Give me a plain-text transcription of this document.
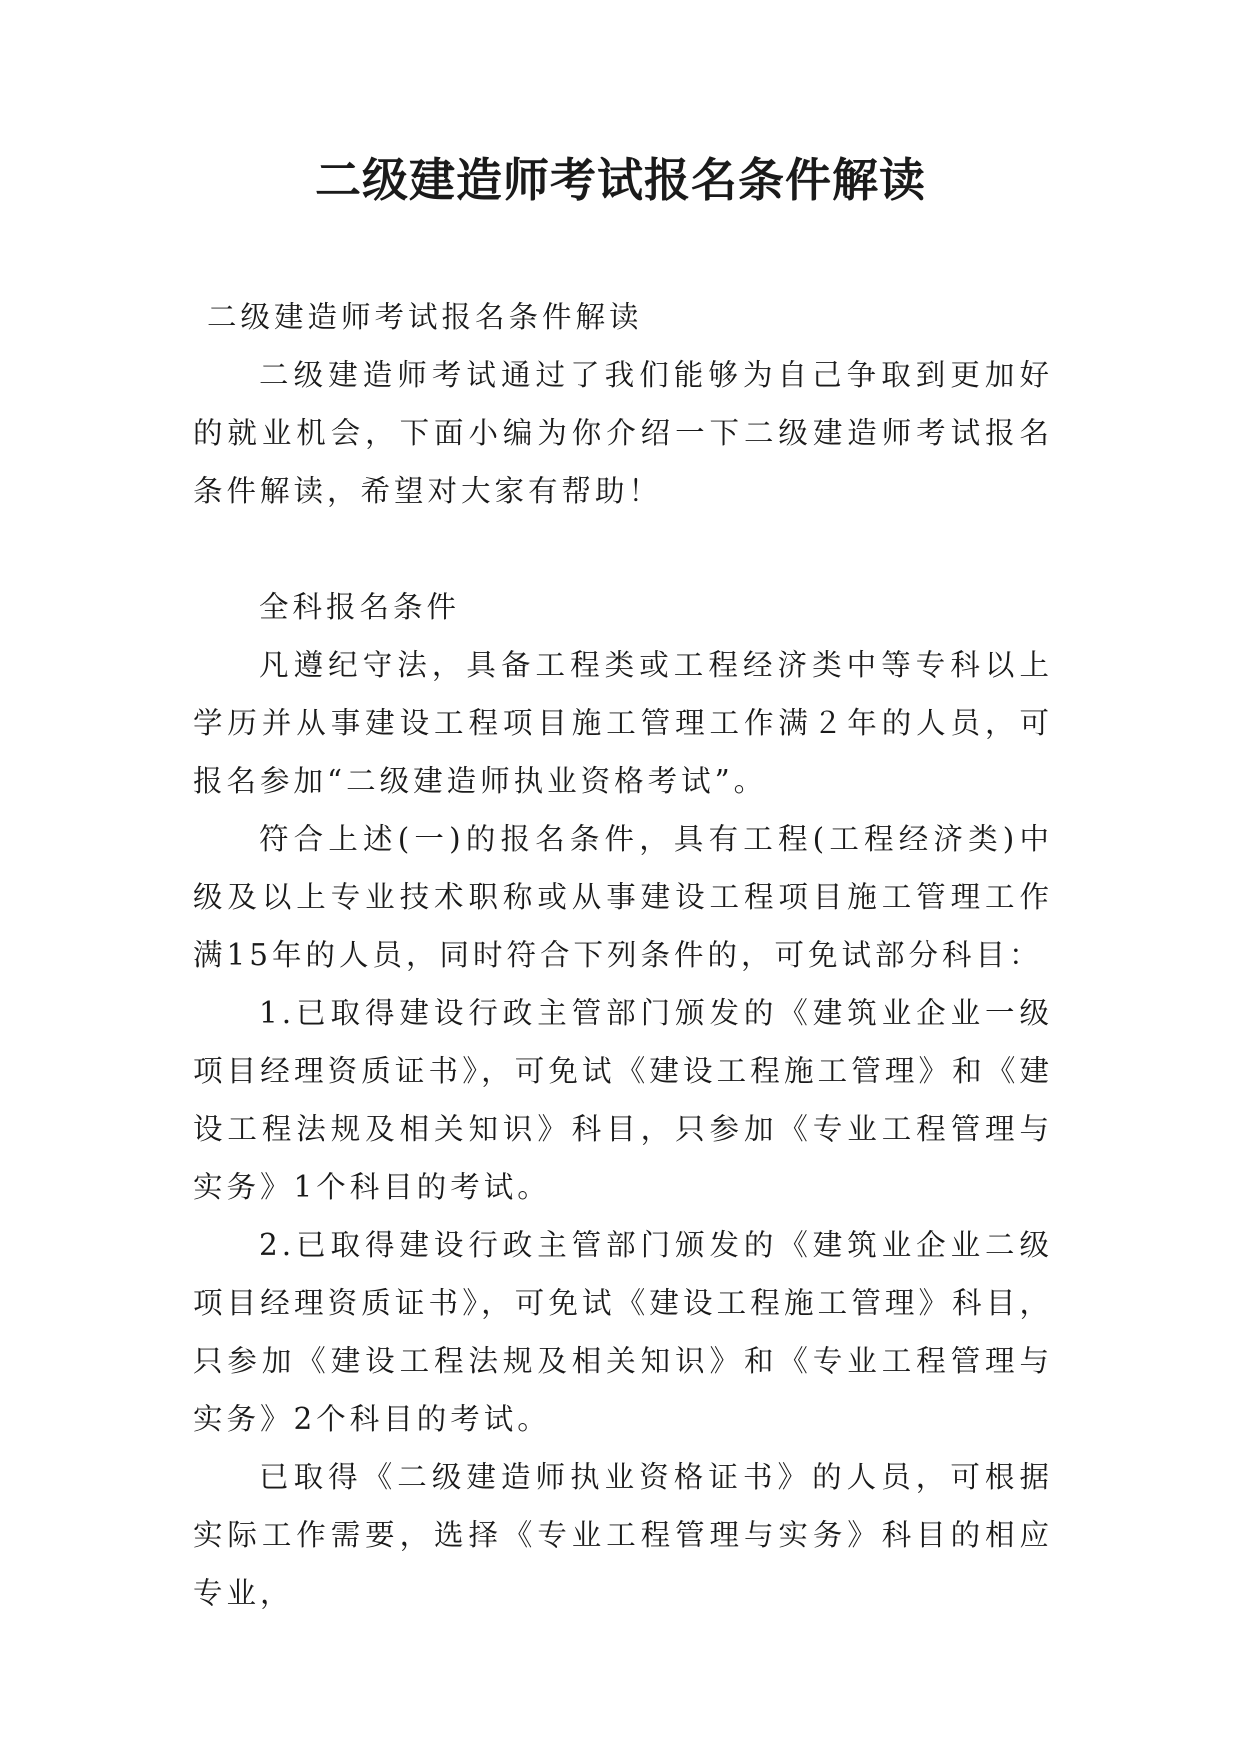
二级建造师考试报名条件解读

二级建造师考试报名条件解读

二级建造师考试通过了我们能够为自己争取到更加好的就业机会，下面小编为你介绍一下二级建造师考试报名条件解读，希望对大家有帮助！

全科报名条件

凡遵纪守法，具备工程类或工程经济类中等专科以上学历并从事建设工程项目施工管理工作满２年的人员，可报名参加“二级建造师执业资格考试”。

符合上述(一)的报名条件，具有工程(工程经济类)中级及以上专业技术职称或从事建设工程项目施工管理工作满15年的人员，同时符合下列条件的，可免试部分科目：

1.已取得建设行政主管部门颁发的《建筑业企业一级项目经理资质证书》，可免试《建设工程施工管理》和《建设工程法规及相关知识》科目，只参加《专业工程管理与实务》1个科目的考试。

2.已取得建设行政主管部门颁发的《建筑业企业二级项目经理资质证书》，可免试《建设工程施工管理》科目，只参加《建设工程法规及相关知识》和《专业工程管理与实务》2个科目的考试。

已取得《二级建造师执业资格证书》的人员，可根据实际工作需要，选择《专业工程管理与实务》科目的相应专业，
